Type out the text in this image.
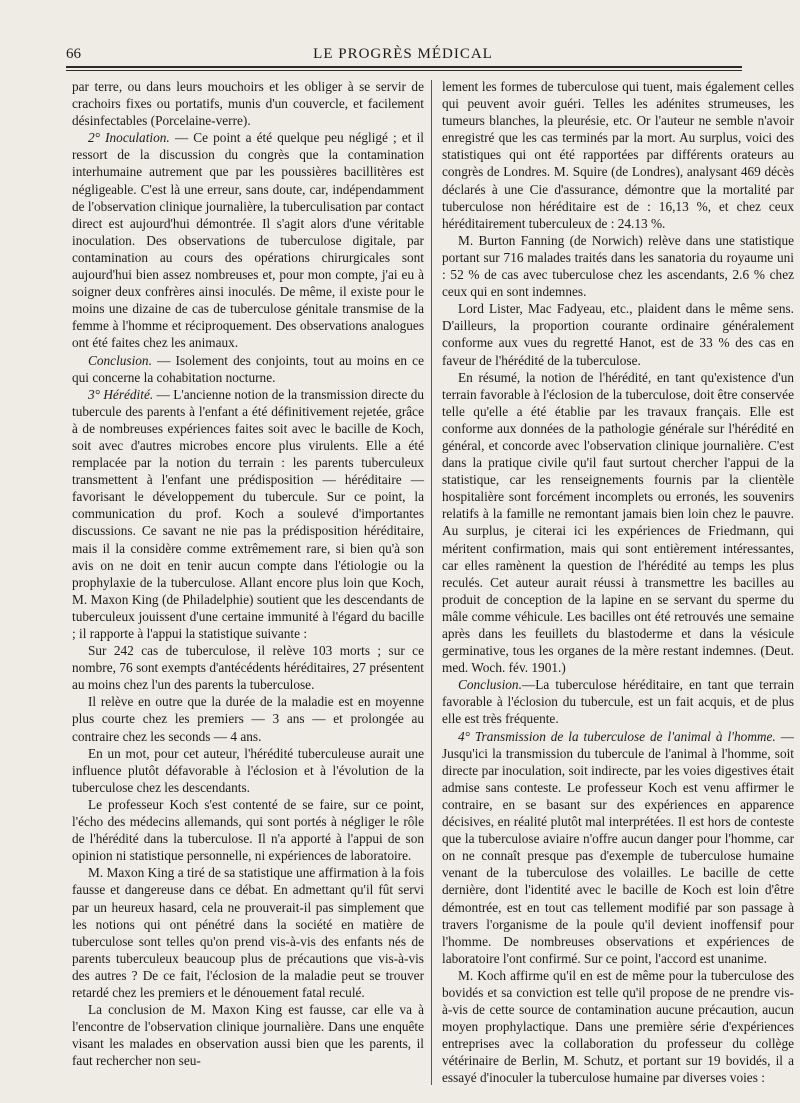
66	LE PROGRÈS MÉDICAL

par terre, ou dans leurs mouchoirs et les obliger à se servir de crachoirs fixes ou portatifs, munis d'un couvercle, et facilement désinfectables (Porcelaine-verre).

2° Inoculation. — Ce point a été quelque peu négligé ; et il ressort de la discussion du congrès que la contamination interhumaine autrement que par les poussières bacillitères est négligeable. C'est là une erreur, sans doute, car, indépendamment de l'observation clinique journalière, la tuberculisation par contact direct est aujourd'hui démontrée. Il s'agit alors d'une véritable inoculation. Des observations de tuberculose digitale, par contamination au cours des opérations chirurgicales sont aujourd'hui bien assez nombreuses et, pour mon compte, j'ai eu à soigner deux confrères ainsi inoculés. De même, il existe pour le moins une dizaine de cas de tuberculose génitale transmise de la femme à l'homme et réciproquement. Des observations analogues ont été faites chez les animaux.

Conclusion. — Isolement des conjoints, tout au moins en ce qui concerne la cohabitation nocturne.

3° Hérédité. — L'ancienne notion de la transmission directe du tubercule des parents à l'enfant a été définitivement rejetée, grâce à de nombreuses expériences faites soit avec le bacille de Koch, soit avec d'autres microbes encore plus virulents. Elle a été remplacée par la notion du terrain : les parents tuberculeux transmettent à l'enfant une prédisposition — héréditaire — favorisant le développement du tubercule. Sur ce point, la communication du prof. Koch a soulevé d'importantes discussions. Ce savant ne nie pas la prédisposition héréditaire, mais il la considère comme extrêmement rare, si bien qu'à son avis on ne doit en tenir aucun compte dans l'étiologie ou la prophylaxie de la tuberculose. Allant encore plus loin que Koch, M. Maxon King (de Philadelphie) soutient que les descendants de tuberculeux jouissent d'une certaine immunité à l'égard du bacille ; il rapporte à l'appui la statistique suivante :

Sur 242 cas de tuberculose, il relève 103 morts ; sur ce nombre, 76 sont exempts d'antécédents héréditaires, 27 présentent au moins chez l'un des parents la tuberculose.

Il relève en outre que la durée de la maladie est en moyenne plus courte chez les premiers — 3 ans — et prolongée au contraire chez les seconds — 4 ans.

En un mot, pour cet auteur, l'hérédité tuberculeuse aurait une influence plutôt défavorable à l'éclosion et à l'évolution de la tuberculose chez les descendants.

Le professeur Koch s'est contenté de se faire, sur ce point, l'écho des médecins allemands, qui sont portés à négliger le rôle de l'hérédité dans la tuberculose. Il n'a apporté à l'appui de son opinion ni statistique personnelle, ni expériences de laboratoire.

M. Maxon King a tiré de sa statistique une affirmation à la fois fausse et dangereuse dans ce débat. En admettant qu'il fût servi par un heureux hasard, cela ne prouverait-il pas simplement que les notions qui ont pénétré dans la société en matière de tuberculose sont telles qu'on prend vis-à-vis des enfants nés de parents tuberculeux beaucoup plus de précautions que vis-à-vis des autres ? De ce fait, l'éclosion de la maladie peut se trouver retardé chez les premiers et le dénouement fatal reculé.

La conclusion de M. Maxon King est fausse, car elle va à l'encontre de l'observation clinique journalière. Dans une enquête visant les malades en observation aussi bien que les parents, il faut rechercher non seu-

lement les formes de tuberculose qui tuent, mais également celles qui peuvent avoir guéri. Telles les adénites strumeuses, les tumeurs blanches, la pleurésie, etc. Or l'auteur ne semble n'avoir enregistré que les cas terminés par la mort. Au surplus, voici des statistiques qui ont été rapportées par différents orateurs au congrès de Londres. M. Squire (de Londres), analysant 469 décès déclarés à une Cie d'assurance, démontre que la mortalité par tuberculose non héréditaire est de : 16,13 %, et chez ceux héréditairement tuberculeux de : 24.13 %.

M. Burton Fanning (de Norwich) relève dans une statistique portant sur 716 malades traités dans les sanatoria du royaume uni : 52 % de cas avec tuberculose chez les ascendants, 2.6 % chez ceux qui en sont indemnes.

Lord Lister, Mac Fadyeau, etc., plaident dans le même sens. D'ailleurs, la proportion courante ordinaire généralement conforme aux vues du regretté Hanot, est de 33 % des cas en faveur de l'hérédité de la tuberculose.

En résumé, la notion de l'hérédité, en tant qu'existence d'un terrain favorable à l'éclosion de la tuberculose, doit être conservée telle qu'elle a été établie par les travaux français. Elle est conforme aux données de la pathologie générale sur l'hérédité en général, et concorde avec l'observation clinique journalière. C'est dans la pratique civile qu'il faut surtout chercher l'appui de la statistique, car les renseignements fournis par la clientèle hospitalière sont forcément incomplets ou erronés, les souvenirs relatifs à la famille ne remontant jamais bien loin chez le pauvre. Au surplus, je citerai ici les expériences de Friedmann, qui méritent confirmation, mais qui sont entièrement intéressantes, car elles ramènent la question de l'hérédité au temps les plus reculés. Cet auteur aurait réussi à transmettre les bacilles au produit de conception de la lapine en se servant du sperme du mâle comme véhicule. Les bacilles ont été retrouvés une semaine après dans les feuillets du blastoderme et dans la vésicule germinative, tous les organes de la mère restant indemnes. (Deut. med. Woch. fév. 1901.)

Conclusion.—La tuberculose héréditaire, en tant que terrain favorable à l'éclosion du tubercule, est un fait acquis, et de plus elle est très fréquente.

4° Transmission de la tuberculose de l'animal à l'homme. — Jusqu'ici la transmission du tubercule de l'animal à l'homme, soit directe par inoculation, soit indirecte, par les voies digestives était admise sans conteste. Le professeur Koch est venu affirmer le contraire, en se basant sur des expériences en apparence décisives, en réalité plutôt mal interprétées. Il est hors de conteste que la tuberculose aviaire n'offre aucun danger pour l'homme, car on ne connaît presque pas d'exemple de tuberculose humaine venant de la tuberculose des volailles. Le bacille de cette dernière, dont l'identité avec le bacille de Koch est loin d'être démontrée, est en tout cas tellement modifié par son passage à travers l'organisme de la poule qu'il devient inoffensif pour l'homme. De nombreuses observations et expériences de laboratoire l'ont confirmé. Sur ce point, l'accord est unanime.

M. Koch affirme qu'il en est de même pour la tuberculose des bovidés et sa conviction est telle qu'il propose de ne prendre vis-à-vis de cette source de contamination aucune précaution, aucun moyen prophylactique. Dans une première série d'expériences entreprises avec la collaboration du professeur du collège vétérinaire de Berlin, M. Schutz, et portant sur 19 bovidés, il a essayé d'inoculer la tuberculose humaine par diverses voies :
